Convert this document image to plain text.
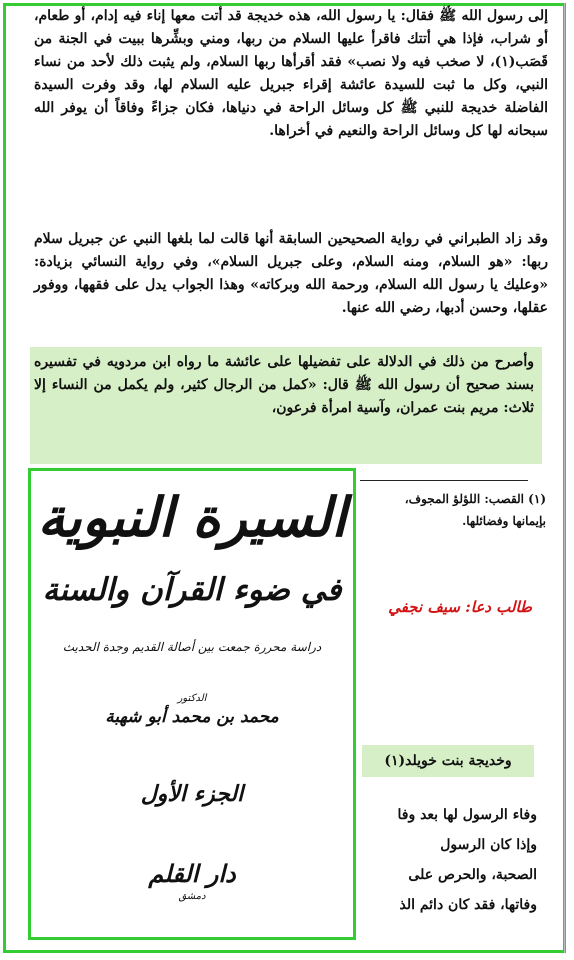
إلى رسول الله ﷺ فقال: يا رسول الله، هذه خديجة قد أتت معها إناء فيه إدام، أو طعام، أو شراب، فإذا هي أتتك فاقرأ عليها السلام من ربها، ومني وبشِّرها ببيت في الجنة من قَصَب(١)، لا صخب فيه ولا نصب» فقد أقرأها ربها السلام، ولم يثبت ذلك لأحد من نساء النبي، وكل ما ثبت للسيدة عائشة إقراء جبريل عليه السلام لها، وقد وفرت السيدة الفاضلة خديجة للنبي ﷺ كل وسائل الراحة في دنياها، فكان جزاءً وفاقاً أن يوفر الله سبحانه لها كل وسائل الراحة والنعيم في أخراها.
وقد زاد الطبراني في رواية الصحيحين السابقة أنها قالت لما بلغها النبي عن جبريل سلام ربها: «هو السلام، ومنه السلام، وعلى جبريل السلام»، وفي رواية النسائي بزيادة: «وعليك يا رسول الله السلام، ورحمة الله وبركاته» وهذا الجواب يدل على فقهها، ووفور عقلها، وحسن أدبها، رضي الله عنها.
وأصرح من ذلك في الدلالة على تفضيلها على عائشة ما رواه ابن مردويه في تفسيره بسند صحيح أن رسول الله ﷺ قال: «كمل من الرجال كثير، ولم يكمل من النساء إلا ثلاث: مريم بنت عمران، وآسية امرأة فرعون،
(١) القصب: اللؤلؤ المجوف،
بإيمانها وفضائلها.
طالب دعا: سيف نجفي
وخديجة بنت خويلد(١)
وفاء الرسول لها بعد وفا
وإذا كان الرسول
الصحبة، والحرص على
وفاتها، فقد كان دائم الذ
السيرة النبوية
في ضوء القرآن والسنة
دراسة محررة جمعت بين أصالة القديم وجدة الحديث
الدكتور
محمد بن محمد أبو شهبة
الجزء الأول
دار القلم
دمشق
